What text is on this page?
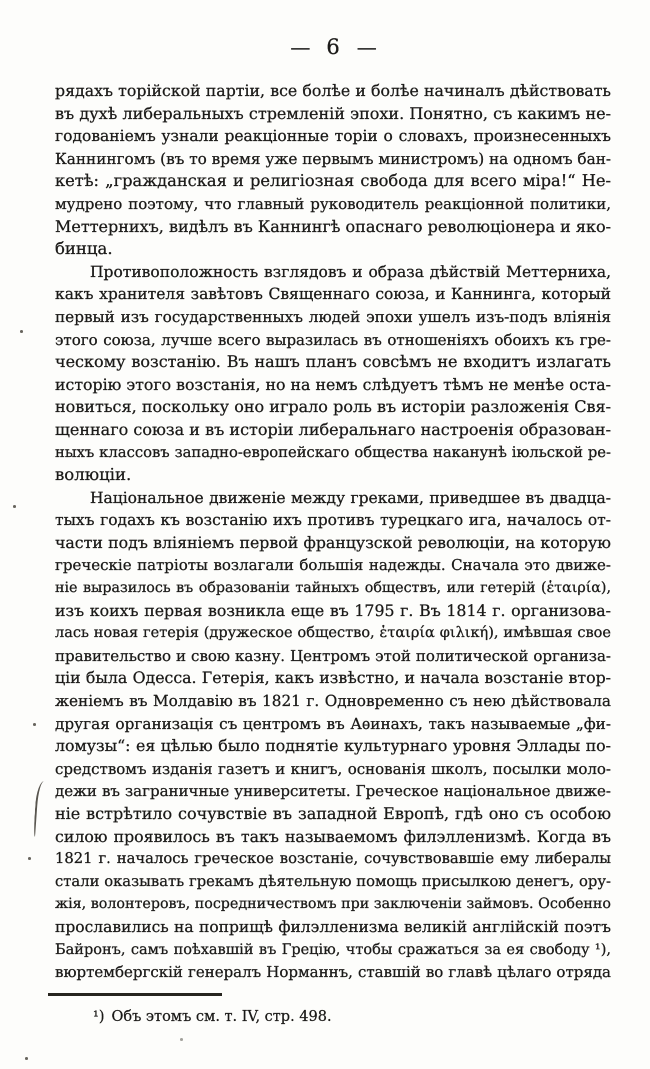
— 6 —
рядахъ торійской партіи, все болѣе и болѣе начиналъ дѣйствовать
въ духѣ либеральныхъ стремленій эпохи. Понятно, съ какимъ не-
годованіемъ узнали реакціонные торіи о словахъ, произнесенныхъ
Каннингомъ (въ то время уже первымъ министромъ) на одномъ бан-
кетѣ: „гражданская и религіозная свобода для всего міра!“ Не-
мудрено поэтому, что главный руководитель реакціонной политики,
Меттернихъ, видѣлъ въ Каннингѣ опаснаго революціонера и яко-
бинца.
Противоположность взглядовъ и образа дѣйствій Меттерниха,
какъ хранителя завѣтовъ Священнаго союза, и Каннинга, который
первый изъ государственныхъ людей эпохи ушелъ изъ-подъ вліянія
этого союза, лучше всего выразилась въ отношеніяхъ обоихъ къ гре-
ческому возстанію. Въ нашъ планъ совсѣмъ не входитъ излагать
исторію этого возстанія, но на немъ слѣдуетъ тѣмъ не менѣе оста-
новиться, поскольку оно играло роль въ исторіи разложенія Свя-
щеннаго союза и въ исторіи либеральнаго настроенія образован-
ныхъ классовъ западно-европейскаго общества наканунѣ іюльской ре-
волюціи.
Національное движеніе между греками, приведшее въ двадца-
тыхъ годахъ къ возстанію ихъ противъ турецкаго ига, началось от-
части подъ вліяніемъ первой французской революціи, на которую
греческіе патріоты возлагали большія надежды. Сначала это движе-
ніе выразилось въ образованіи тайныхъ обществъ, или гетерій (ἑταιρία),
изъ коихъ первая возникла еще въ 1795 г. Въ 1814 г. организова-
лась новая гетерія (дружеское общество, ἑταιρία φιλική), имѣвшая свое
правительство и свою казну. Центромъ этой политической организа-
ціи была Одесса. Гетерія, какъ извѣстно, и начала возстаніе втор-
женіемъ въ Молдавію въ 1821 г. Одновременно съ нею дѣйствовала
другая организація съ центромъ въ Аѳинахъ, такъ называемые „фи-
ломузы“: ея цѣлью было поднятіе культурнаго уровня Эллады по-
средствомъ изданія газетъ и книгъ, основанія школъ, посылки моло-
дежи въ заграничные университеты. Греческое національное движе-
ніе встрѣтило сочувствіе въ западной Европѣ, гдѣ оно съ особою
силою проявилось въ такъ называемомъ филэлленизмѣ. Когда въ
1821 г. началось греческое возстаніе, сочувствовавшіе ему либералы
стали оказывать грекамъ дѣятельную помощь присылкою денегъ, ору-
жія, волонтеровъ, посредничествомъ при заключеніи займовъ. Особенно
прославились на поприщѣ филэлленизма великій англійскій поэтъ
Байронъ, самъ поѣхавшій въ Грецію, чтобы сражаться за ея свободу ¹),
вюртембергскій генералъ Норманнъ, ставшій во главѣ цѣлаго отряда
¹) Объ этомъ см. т. IV, стр. 498.
